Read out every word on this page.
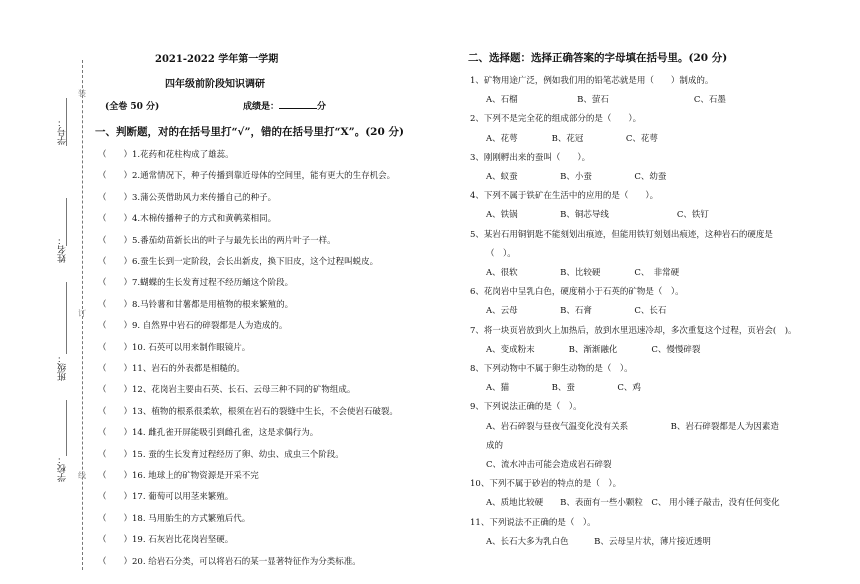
学号：
姓名：
班级：
学校：
装
订
线
2021-2022 学年第一学期
四年级前阶段知识调研
(全卷 50 分)	成绩是：	分
一、判断题，对的在括号里打“√”，错的在括号里打“X”。(20 分)
（　　）1.花药和花柱构成了雄蕊。
（　　）2.通常情况下，种子传播到靠近母体的空间里，能有更大的生存机会。
（　　）3.蒲公英借助风力来传播自己的种子。
（　　）4.木棉传播种子的方式和黄鹌菜相同。
（　　）5.番茄幼苗新长出的叶子与最先长出的两片叶子一样。
（　　）6.蚕生长到一定阶段，会长出新皮，换下旧皮，这个过程叫蜕皮。
（　　）7.蝴蝶的生长发育过程不经历蛹这个阶段。
（　　）8.马铃薯和甘薯都是用植物的根来繁殖的。
（　　）9. 自然界中岩石的碎裂都是人为造成的。
（　　）10. 石英可以用来制作眼镜片。
（　　）11、岩石的外表都是相糙的。
（　　）12、花岗岩主要由石英、长石、云母三种不同的矿物组成。
（　　）13、植物的根系很柔软，根须在岩石的裂缝中生长，不会使岩石破裂。
（　　）14. 雌孔雀开屏能吸引到雌孔雀，这是求偶行为。
（　　）15. 蚕的生长发育过程经历了卵、幼虫、成虫三个阶段。
（　　）16. 地球上的矿物资源是开采不完
（　　）17. 葡萄可以用茎来繁殖。
（　　）18. 马用胎生的方式繁殖后代。
（　　）19. 石灰岩比花岗岩坚硬。
（　　）20. 给岩石分类，可以将岩石的某一显著特征作为分类标准。
二、选择题：选择正确答案的字母填在括号里。(20 分)
1、矿物用途广泛，例如我们用的铅笔芯就是用（　　）制成的。
A、石榴　　　　　　　B、萤石　　　　　　　　　　C、石墨
2、下列不是完全花的组成部分的是（　　）。
A、花萼　　　　B、花冠　　　　　C、花萼
3、刚刚孵出来的蚕叫（　　）。
A、蚁蚕　　　　　B、小蚕　　　　　C、幼蚕
4、下列不属于铁矿在生活中的应用的是（　　）。
A、铁锅　　　　　B、铜芯导线　　　　　　　　C、铁钉
5、某岩石用铜钥匙不能刻划出痕迹，但能用铁钉刻划出痕迹，这种岩石的硬度是
（　）。
A、很软　　　　　B、比较硬　　　　C、　非常硬
6、花岗岩中呈乳白色，硬度稍小于石英的矿物是（　）。
A、云母　　　　　B、石膏　　　　　C、长石
7、将一块页岩放到火上加热后，放到水里迅速冷却，多次重复这个过程，页岩会(　)。
A、变成粉末　　　　B、渐渐融化　　　　C、慢慢碎裂
8、下列动物中不属于卵生动物的是（　）。
A、猫　　　　　B、蚕　　　　　C、鸡
9、下列说法正确的是（　）。
A、岩石碎裂与昼夜气温变化没有关系　　　　　B、岩石碎裂都是人为因素造
成的
C、流水冲击可能会造成岩石碎裂
10、下列不属于砂岩的特点的是（　）。
A、质地比较硬　　B、表面有一些小颗粒　C、 用小锤子敲击，没有任何变化
11、下列说法不正确的是（　）。
A、长石大多为乳白色　　　B、云母呈片状，薄片接近透明
